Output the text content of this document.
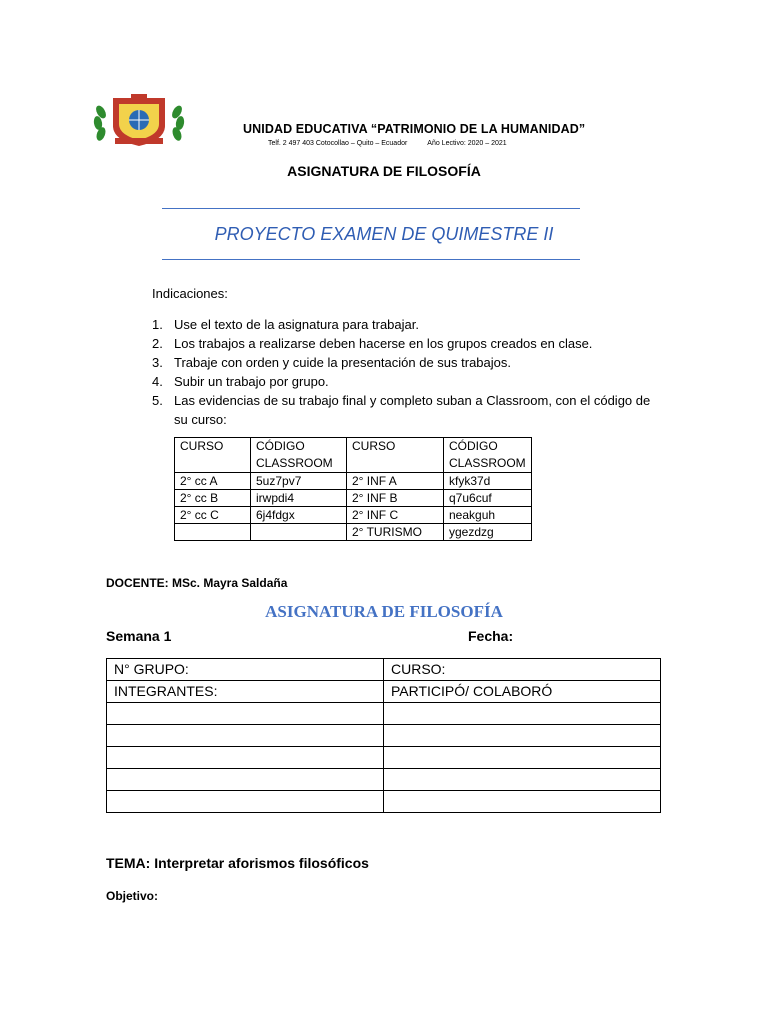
UNIDAD EDUCATIVA “PATRIMONIO DE LA HUMANIDAD”
Telf. 2 497 403 Cotocollao – Quito – Ecuador	Año Lectivo: 2020 – 2021
ASIGNATURA DE FILOSOFÍA
PROYECTO EXAMEN DE QUIMESTRE II
Indicaciones:
1. Use el texto de la asignatura para trabajar.
2. Los trabajos a realizarse deben hacerse en los grupos creados en clase.
3. Trabaje con orden y cuide la presentación de sus trabajos.
4. Subir un trabajo por grupo.
5. Las evidencias de su trabajo final y completo suban a Classroom, con el código de su curso:
CURSO	CÓDIGO CLASSROOM	CURSO	CÓDIGO CLASSROOM
2° cc A	5uz7pv7	2° INF A	kfyk37d
2° cc B	irwpdi4	2° INF B	q7u6cuf
2° cc C	6j4fdgx	2° INF C	neakguh
		2° TURISMO	ygezdzg
DOCENTE: MSc. Mayra Saldaña
ASIGNATURA DE FILOSOFÍA
Semana 1	Fecha:
N° GRUPO:	CURSO:
INTEGRANTES:	PARTICIPÓ/ COLABORÓ

TEMA: Interpretar aforismos filosóficos
Objetivo:
